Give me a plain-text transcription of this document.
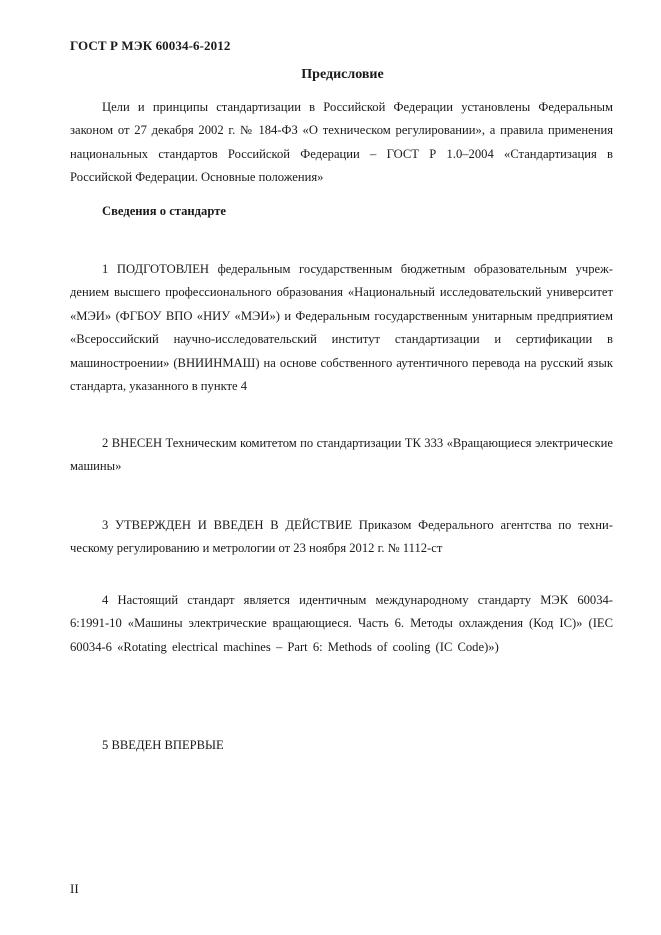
ГОСТ Р МЭК 60034-6-2012
Предисловие

Цели и принципы стандартизации в Российской Федерации установлены Федеральным законом от 27 декабря 2002 г. № 184-ФЗ «О техническом регулировании», а правила применения национальных стандартов Российской Федерации – ГОСТ Р 1.0–2004 «Стандартизация в Российской Федерации. Основные положения»

Сведения о стандарте

1 ПОДГОТОВЛЕН федеральным государственным бюджетным образовательным учреждением высшего профессионального образования «Национальный исследовательский университет «МЭИ» (ФГБОУ ВПО «НИУ «МЭИ») и Федеральным государственным унитарным предприятием «Всероссийский научно-исследовательский институт стандартизации и сертификации в машиностроении» (ВНИИНМАШ) на основе собственного аутентичного перевода на русский язык стандарта, указанного в пункте 4

2 ВНЕСЕН Техническим комитетом по стандартизации ТК 333 «Вращающиеся электрические машины»

3 УТВЕРЖДЕН И ВВЕДЕН В ДЕЙСТВИЕ Приказом Федерального агентства по техническому регулированию и метрологии от 23 ноября 2012 г. № 1112-ст

4 Настоящий стандарт является идентичным международному стандарту МЭК 60034-6:1991-10 «Машины электрические вращающиеся. Часть 6. Методы охлаждения (Код IC)» (IEC 60034-6 «Rotating electrical machines – Part 6: Methods of cooling (IC Code)»)

5 ВВЕДЕН ВПЕРВЫЕ

II
